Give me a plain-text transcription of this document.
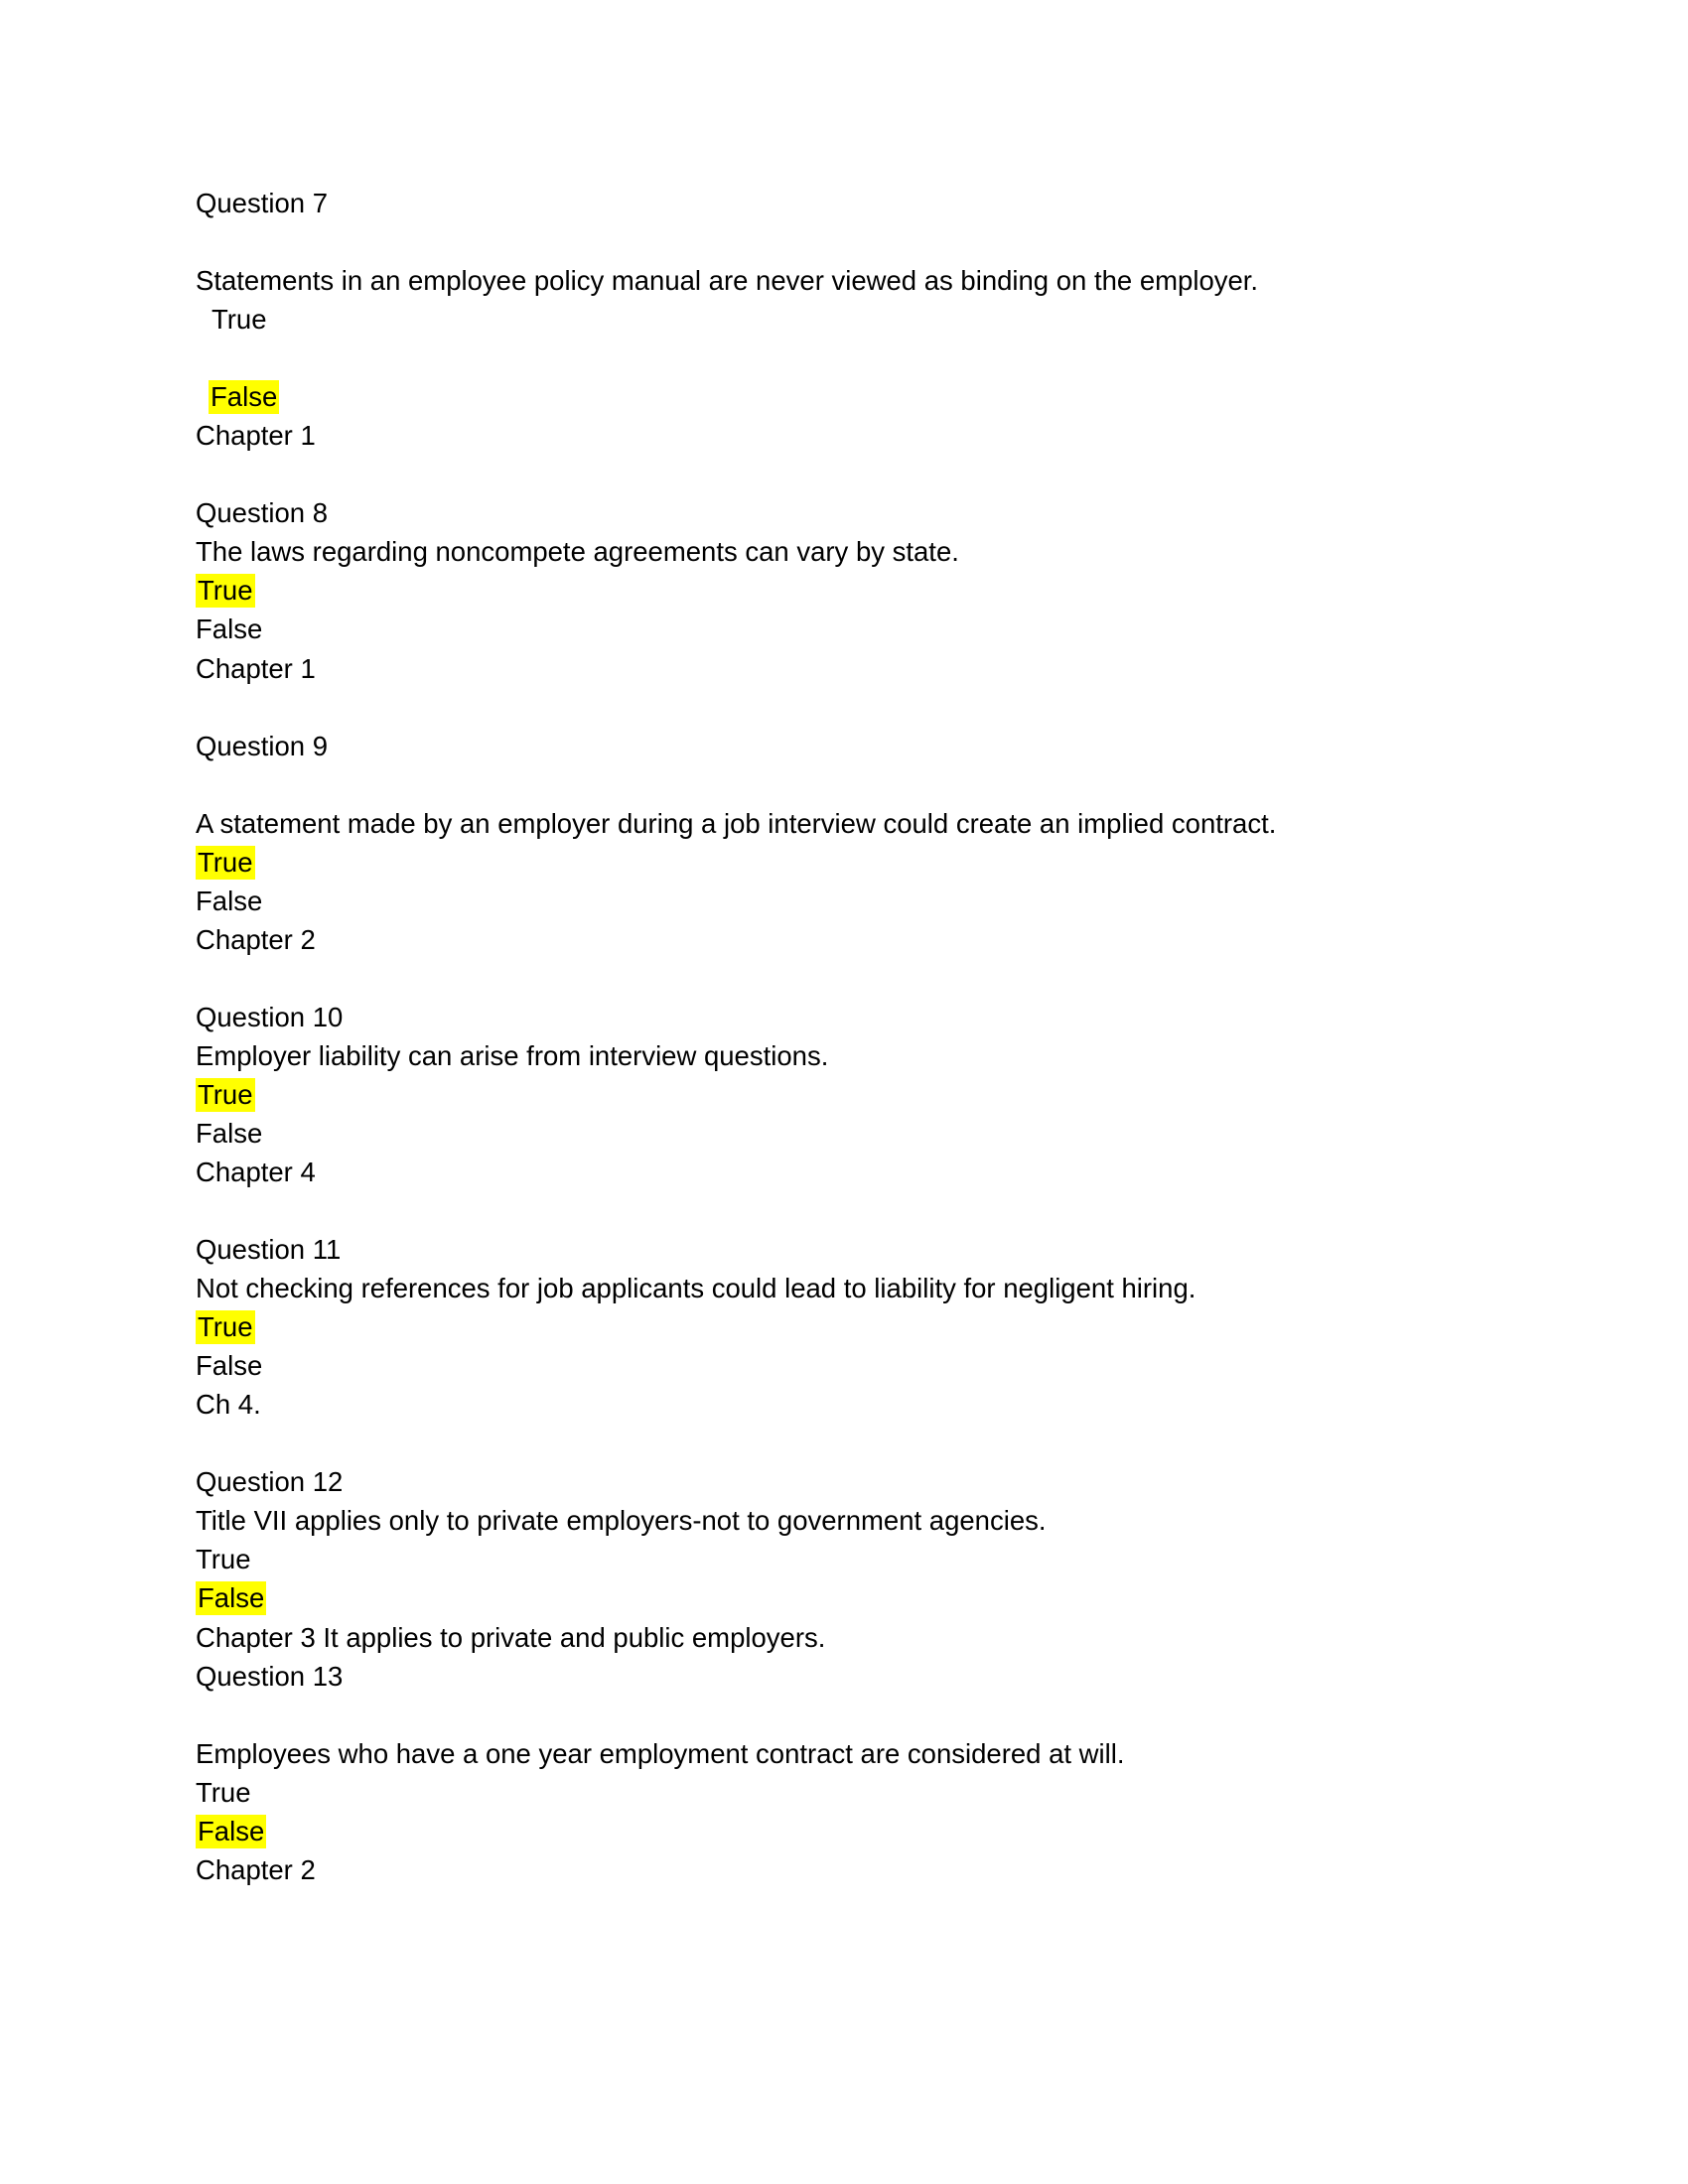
Question 7

Statements in an employee policy manual are never viewed as binding on the employer.
True

False
Chapter 1

Question 8
The laws regarding noncompete agreements can vary by state.
True
False
Chapter 1

Question 9

A statement made by an employer during a job interview could create an implied contract.
True
False
Chapter 2

Question 10
Employer liability can arise from interview questions.
True
False
Chapter 4

Question 11
Not checking references for job applicants could lead to liability for negligent hiring.
True
False
Ch 4.

Question 12
Title VII applies only to private employers-not to government agencies.
True
False
Chapter 3 It applies to private and public employers.
Question 13

Employees who have a one year employment contract are considered at will.
True
False
Chapter 2
